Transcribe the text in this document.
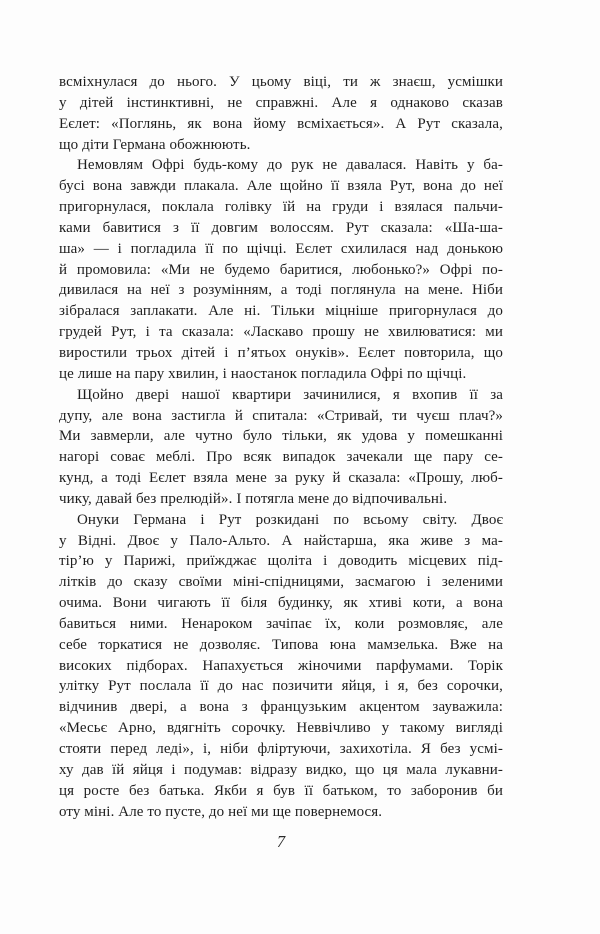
всміхнулася до нього. У цьому віці, ти ж знаєш, усмішки
у дітей інстинктивні, не справжні. Але я однаково сказав
Еєлет: «Поглянь, як вона йому всміхається». А Рут сказала,
що діти Германа обожнюють.
Немовлям Офрі будь-кому до рук не давалася. Навіть у ба-
бусі вона завжди плакала. Але щойно її взяла Рут, вона до неї
пригорнулася, поклала голівку їй на груди і взялася пальчи-
ками бавитися з її довгим волоссям. Рут сказала: «Ша-ша-
ша» — і погладила її по щічці. Еєлет схилилася над донькою
й промовила: «Ми не будемо баритися, любонько?» Офрі по-
дивилася на неї з розумінням, а тоді поглянула на мене. Ніби
зібралася заплакати. Але ні. Тільки міцніше пригорнулася до
грудей Рут, і та сказала: «Ласкаво прошу не хвилюватися: ми
виростили трьох дітей і п’ятьох онуків». Еєлет повторила, що
це лише на пару хвилин, і наостанок погладила Офрі по щічці.
Щойно двері нашої квартири зачинилися, я вхопив її за
дупу, але вона застигла й спитала: «Стривай, ти чуєш плач?»
Ми завмерли, але чутно було тільки, як удова у помешканні
нагорі соває меблі. Про всяк випадок зачекали ще пару се-
кунд, а тоді Еєлет взяла мене за руку й сказала: «Прошу, люб-
чику, давай без прелюдій». І потягла мене до відпочивальні.
Онуки Германа і Рут розкидані по всьому світу. Двоє
у Відні. Двоє у Пало-Альто. А найстарша, яка живе з ма-
тір’ю у Парижі, приїжджає щоліта і доводить місцевих під-
літків до сказу своїми міні-спідницями, засмагою і зеленими
очима. Вони чигають її біля будинку, як хтиві коти, а вона
бавиться ними. Ненароком зачіпає їх, коли розмовляє, але
себе торкатися не дозволяє. Типова юна мамзелька. Вже на
високих підборах. Напахується жіночими парфумами. Торік
улітку Рут послала її до нас позичити яйця, і я, без сорочки,
відчинив двері, а вона з французьким акцентом зауважила:
«Месьє Арно, вдягніть сорочку. Неввічливо у такому вигляді
стояти перед леді», і, ніби фліртуючи, захихотіла. Я без усмі-
ху дав їй яйця і подумав: відразу видко, що ця мала лукавни-
ця росте без батька. Якби я був її батьком, то заборонив би
оту міні. Але то пусте, до неї ми ще повернемося.
7
